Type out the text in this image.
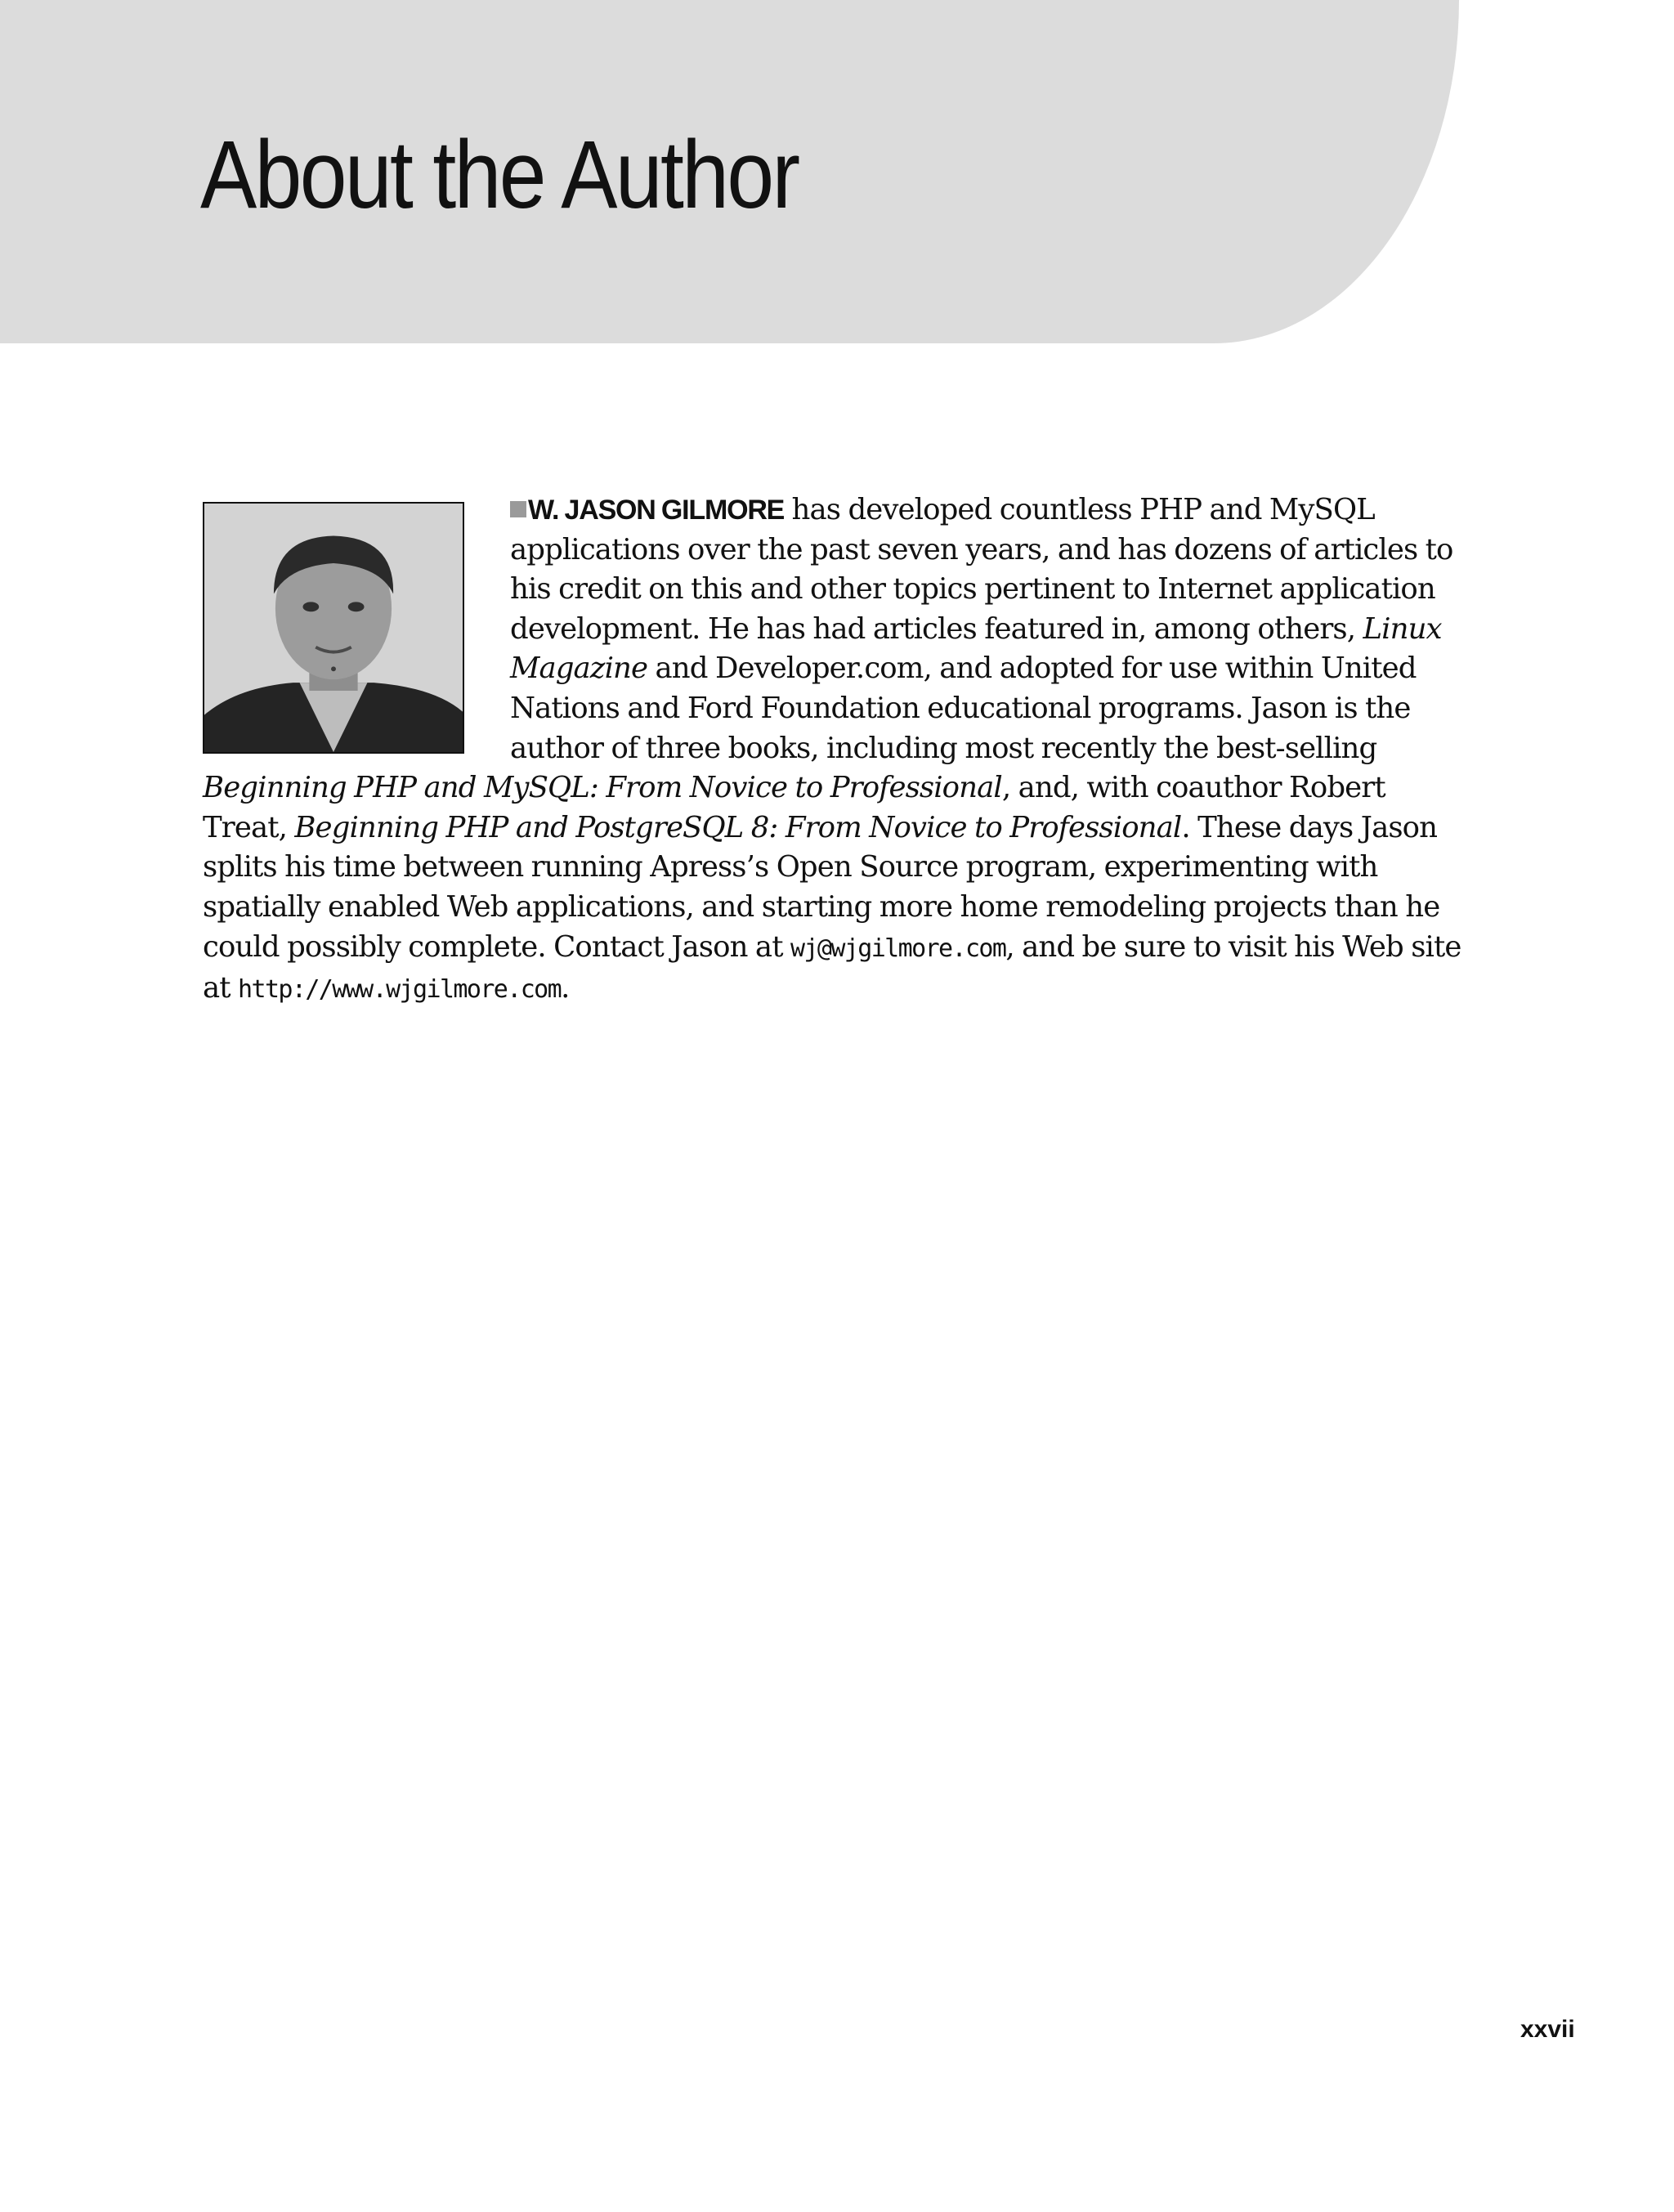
About the Author
W. JASON GILMORE has developed countless PHP and MySQL applications over the past seven years, and has dozens of articles to his credit on this and other topics pertinent to Internet application development. He has had articles featured in, among others, Linux Magazine and Developer.com, and adopted for use within United Nations and Ford Foundation educational programs. Jason is the author of three books, including most recently the best-selling Beginning PHP and MySQL: From Novice to Professional, and, with coauthor Robert Treat, Beginning PHP and PostgreSQL 8: From Novice to Professional. These days Jason splits his time between running Apress’s Open Source program, experimenting with spatially enabled Web applications, and starting more home remodeling projects than he could possibly complete. Contact Jason at wj@wjgilmore.com, and be sure to visit his Web site at http://www.wjgilmore.com.
xxvii
